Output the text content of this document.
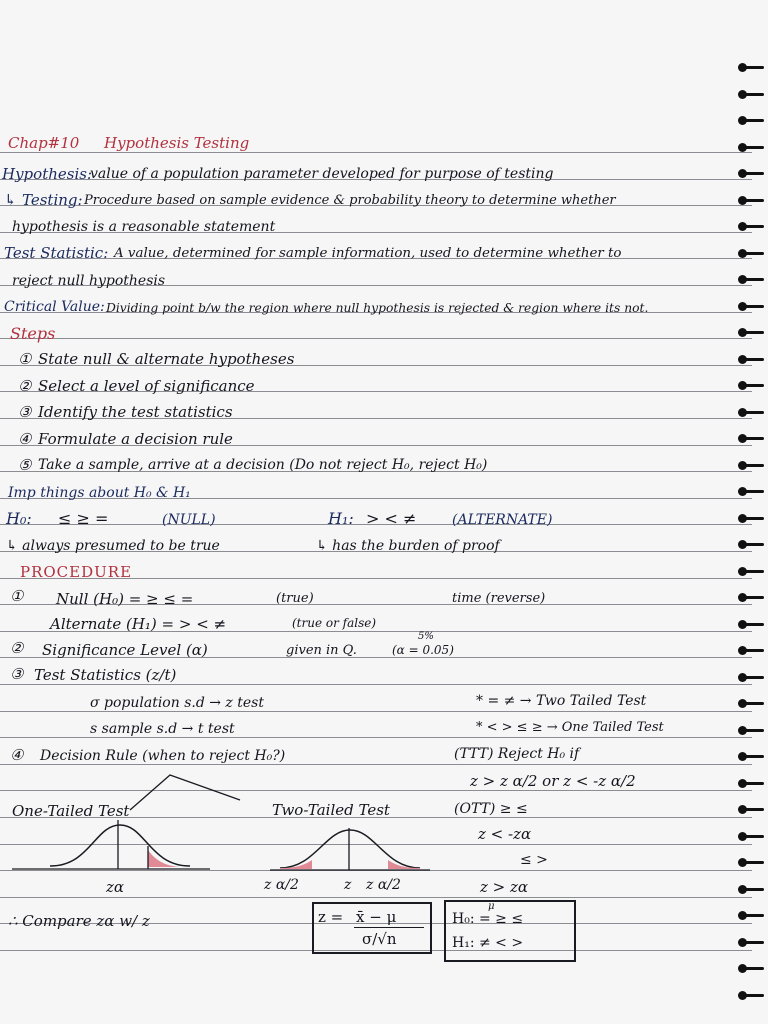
Chap#10 Hypothesis Testing
Hypothesis:
value of a population parameter developed for purpose of testing
↳ Testing: Procedure based on sample evidence & probability theory to determine whether
hypothesis is a reasonable statement
Test Statistic: A value, determined for sample information, used to determine whether to
reject null hypothesis
Critical Value: Dividing point b/w the region where null hypothesis is rejected & region where its not.
Steps
① State null & alternate hypotheses
② Select a level of significance
③ Identify the test statistics
④ Formulate a decision rule
⑤ Take a sample, arrive at a decision (Do not reject H₀, reject H₀)
Imp things about H₀ & H₁
H₀: ≤ ≥ =	(NULL)	H₁: > < ≠	(ALTERNATE)
↳ always presumed to be true	↳ has the burden of proof
PROCEDURE
① Null (H₀) = ≥ ≤ =	(true)	time (reverse)
Alternate (H₁) = > < ≠	(true or false)
② Significance Level (α)	given in Q.
5%
(α = 0.05)
③ Test Statistics (z/t)
σ population s.d → z test
s sample s.d → t test
* = ≠ → Two Tailed Test
* < > ≤ ≥ → One Tailed Test
④ Decision Rule (when to reject H₀?)	(TTT) Reject H₀ if
z > z α/2 or z < -z α/2
(OTT) ≥ ≤
z < -zα
≤ >
z > zα
One-Tailed Test	Two-Tailed Test
zα	z α/2	z z α/2
∴ Compare zα w/ z	z = x̄ − μ
σ/√n
μ
H₀: = ≥ ≤
H₁: ≠ < >
